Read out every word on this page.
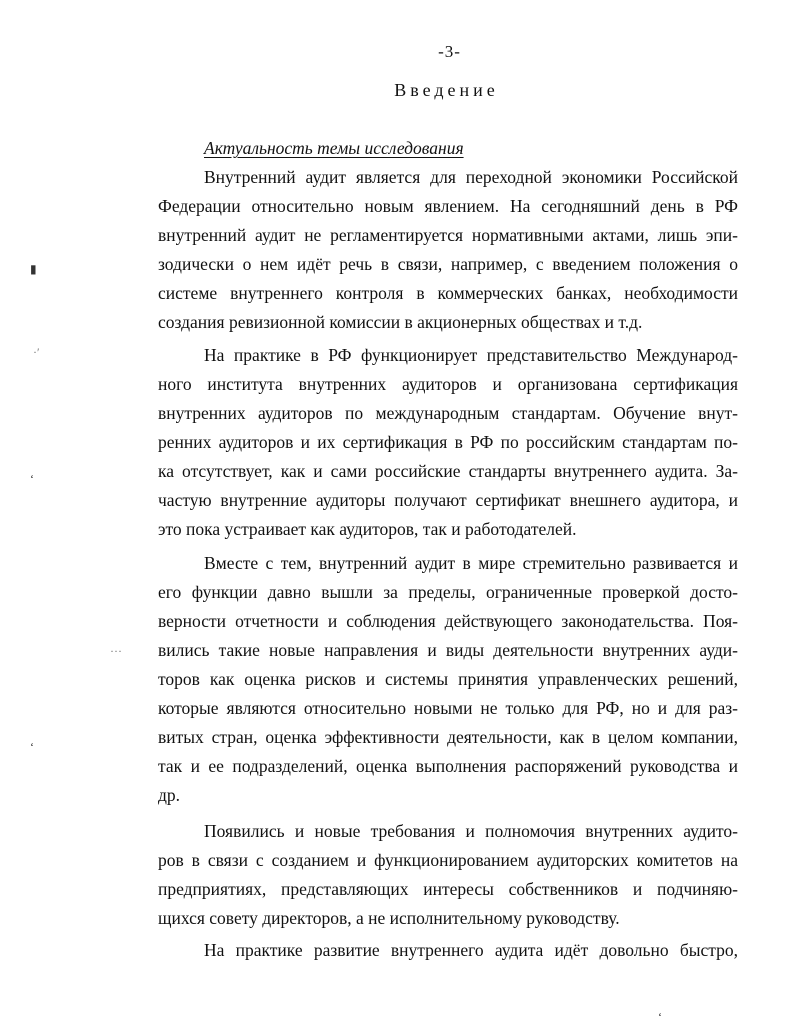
-3-
Введение
Актуальность темы исследования
Внутренний аудит является для переходной экономики Российской
Федерации относительно новым явлением. На сегодняшний день в РФ
внутренний аудит не регламентируется нормативными актами, лишь эпи-
зодически о нем идёт речь в связи, например, с введением положения о
системе внутреннего контроля в коммерческих банках, необходимости
создания ревизионной комиссии в акционерных обществах и т.д.
На практике в РФ функционирует представительство Международ-
ного института внутренних аудиторов и организована сертификация
внутренних аудиторов по международным стандартам. Обучение внут-
ренних аудиторов и их сертификация в РФ по российским стандартам по-
ка отсутствует, как и сами российские стандарты внутреннего аудита. За-
частую внутренние аудиторы получают сертификат внешнего аудитора, и
это пока устраивает как аудиторов, так и работодателей.
Вместе с тем, внутренний аудит в мире стремительно развивается и
его функции давно вышли за пределы, ограниченные проверкой досто-
верности отчетности и соблюдения действующего законодательства. Поя-
вились такие новые направления и виды деятельности внутренних ауди-
торов как оценка рисков и системы принятия управленческих решений,
которые являются относительно новыми не только для РФ, но и для раз-
витых стран, оценка эффективности деятельности, как в целом компании,
так и ее подразделений, оценка выполнения распоряжений руководства и
др.
Появились и новые требования и полномочия внутренних аудито-
ров в связи с созданием и функционированием аудиторских комитетов на
предприятиях, представляющих интересы собственников и подчиняю-
щихся совету директоров, а не исполнительному руководству.
На практике развитие внутреннего аудита идёт довольно быстро,
▮
·′
‘
···
‘
‘
